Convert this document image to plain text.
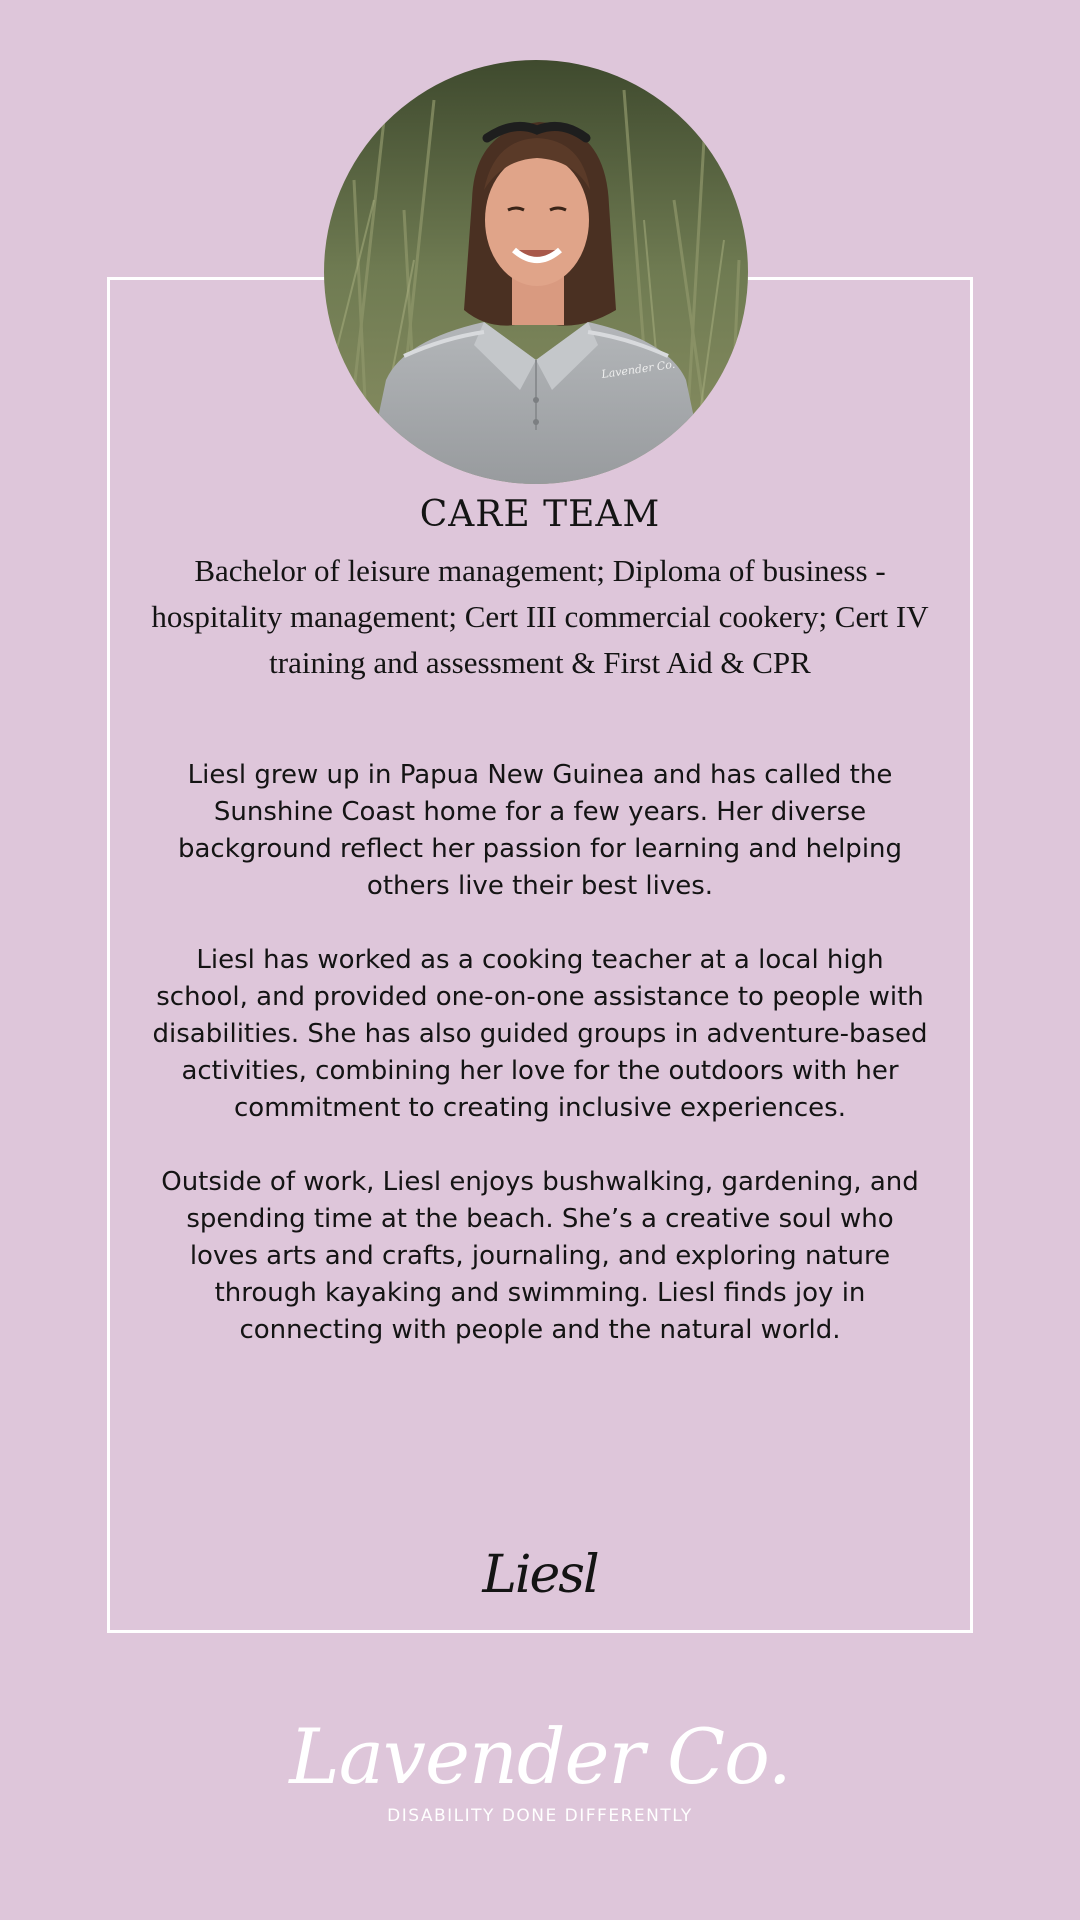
Lavender Co.
CARE TEAM
Bachelor of leisure management; Diploma of business - hospitality management; Cert III commercial cookery; Cert IV training and assessment & First Aid & CPR

Liesl grew up in Papua New Guinea and has called the Sunshine Coast home for a few years. Her diverse background reflect her passion for learning and helping others live their best lives.

Liesl has worked as a cooking teacher at a local high school, and provided one-on-one assistance to people with disabilities. She has also guided groups in adventure-based activities, combining her love for the outdoors with her commitment to creating inclusive experiences.

Outside of work, Liesl enjoys bushwalking, gardening, and spending time at the beach. She’s a creative soul who loves arts and crafts, journaling, and exploring nature through kayaking and swimming. Liesl finds joy in connecting with people and the natural world.

Liesl
Lavender Co.
DISABILITY DONE DIFFERENTLY
